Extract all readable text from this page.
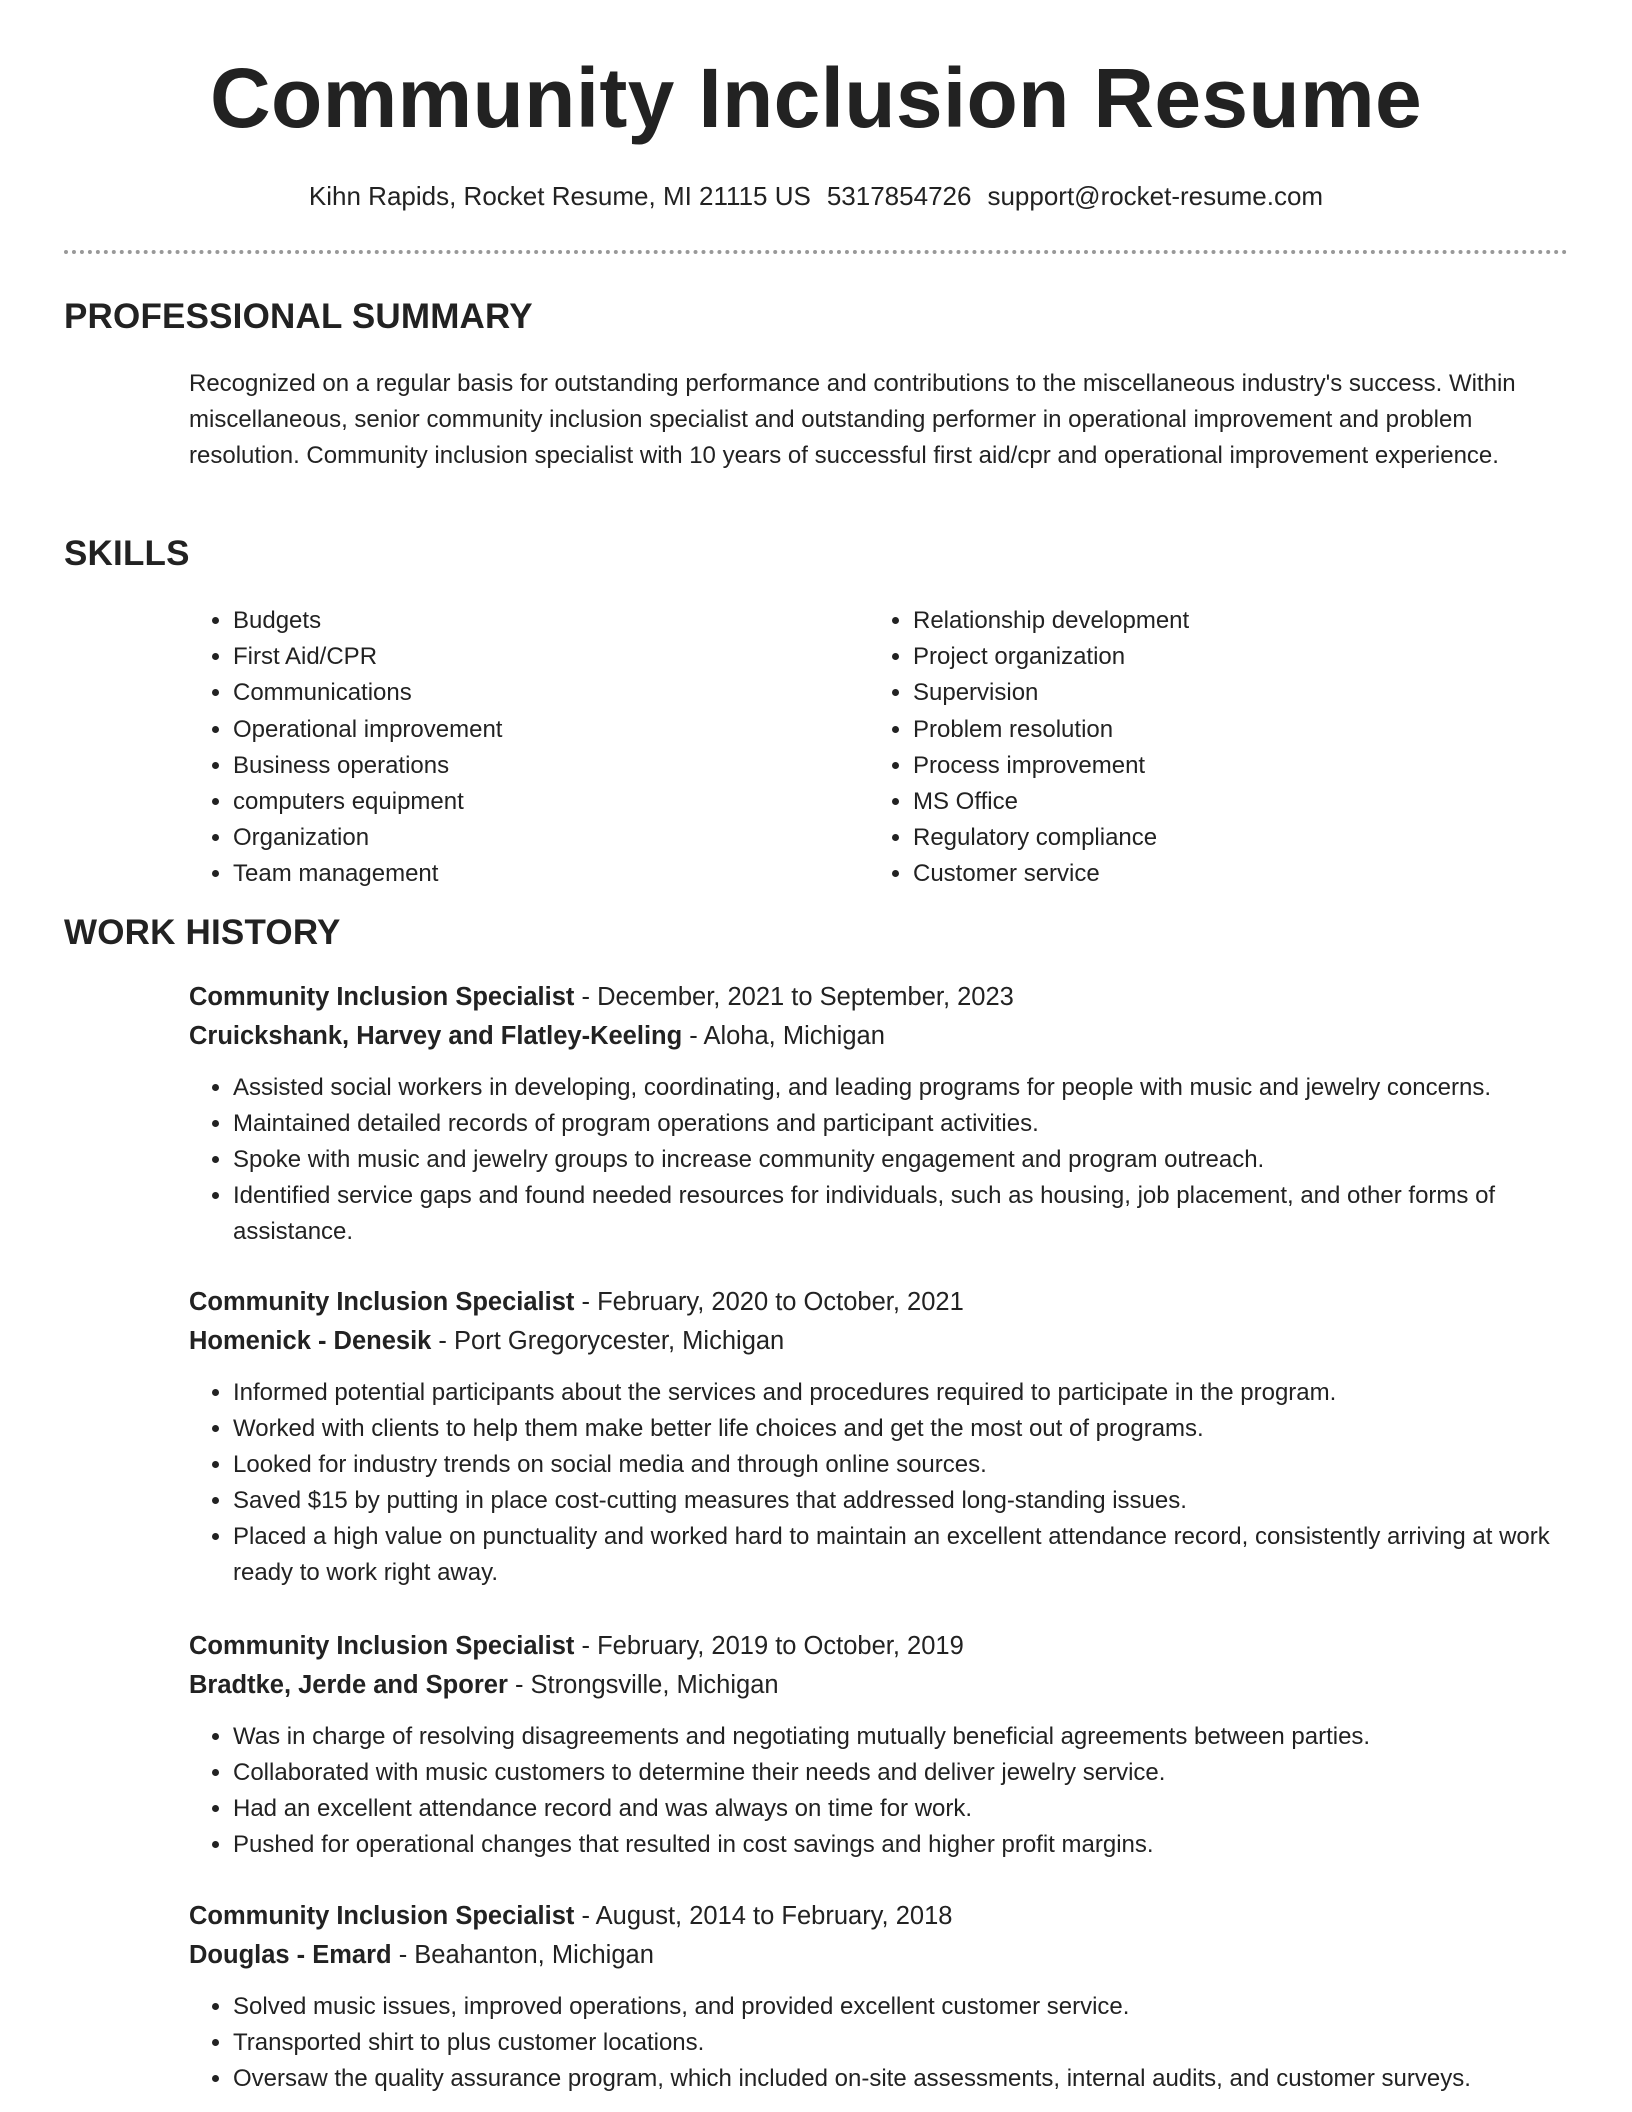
Community Inclusion Resume
Kihn Rapids, Rocket Resume, MI 21115 US 5317854726 support@rocket-resume.com
PROFESSIONAL SUMMARY

Recognized on a regular basis for outstanding performance and contributions to the miscellaneous industry's success. Within miscellaneous, senior community inclusion specialist and outstanding performer in operational improvement and problem resolution. Community inclusion specialist with 10 years of successful first aid/cpr and operational improvement experience.

SKILLS
• Budgets
• First Aid/CPR
• Communications
• Operational improvement
• Business operations
• computers equipment
• Organization
• Team management
• Relationship development
• Project organization
• Supervision
• Problem resolution
• Process improvement
• MS Office
• Regulatory compliance
• Customer service
WORK HISTORY
Community Inclusion Specialist - December, 2021 to September, 2023
Cruickshank, Harvey and Flatley-Keeling - Aloha, Michigan
• Assisted social workers in developing, coordinating, and leading programs for people with music and jewelry concerns.
• Maintained detailed records of program operations and participant activities.
• Spoke with music and jewelry groups to increase community engagement and program outreach.
• Identified service gaps and found needed resources for individuals, such as housing, job placement, and other forms of assistance.
Community Inclusion Specialist - February, 2020 to October, 2021
Homenick - Denesik - Port Gregorycester, Michigan
• Informed potential participants about the services and procedures required to participate in the program.
• Worked with clients to help them make better life choices and get the most out of programs.
• Looked for industry trends on social media and through online sources.
• Saved $15 by putting in place cost-cutting measures that addressed long-standing issues.
• Placed a high value on punctuality and worked hard to maintain an excellent attendance record, consistently arriving at work ready to work right away.
Community Inclusion Specialist - February, 2019 to October, 2019
Bradtke, Jerde and Sporer - Strongsville, Michigan
• Was in charge of resolving disagreements and negotiating mutually beneficial agreements between parties.
• Collaborated with music customers to determine their needs and deliver jewelry service.
• Had an excellent attendance record and was always on time for work.
• Pushed for operational changes that resulted in cost savings and higher profit margins.
Community Inclusion Specialist - August, 2014 to February, 2018
Douglas - Emard - Beahanton, Michigan
• Solved music issues, improved operations, and provided excellent customer service.
• Transported shirt to plus customer locations.
• Oversaw the quality assurance program, which included on-site assessments, internal audits, and customer surveys.
